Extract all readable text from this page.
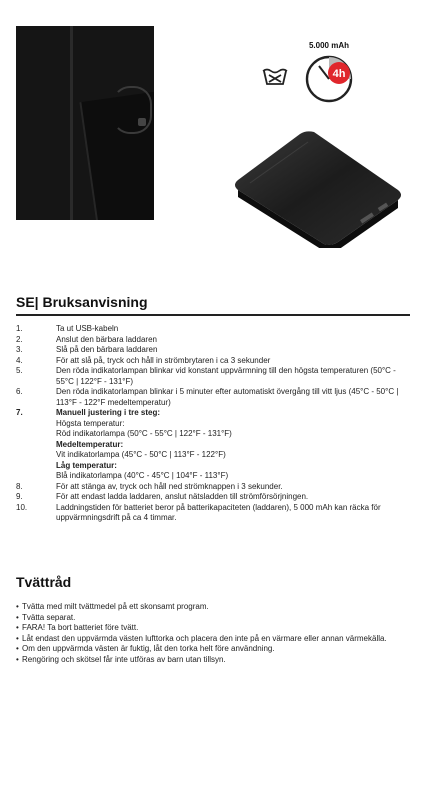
5.000 mAh
4h
SE| Bruksanvisning
1.	Ta ut USB-kabeln
2.	Anslut den bärbara laddaren
3.	Slå på den bärbara laddaren
4.	För att slå på, tryck och håll in strömbrytaren i ca 3 sekunder
5.	Den röda indikatorlampan blinkar vid konstant uppvärmning till den högsta temperaturen (50°C - 55°C | 122°F - 131°F)
6.	Den röda indikatorlampan blinkar i 5 minuter efter automatiskt övergång till vitt ljus (45°C - 50°C |
113°F - 122°F medeltemperatur)
7.	Manuell justering i tre steg:
Högsta temperatur:
Röd indikatorlampa (50°C - 55°C | 122°F - 131°F)
Medeltemperatur:
Vit indikatorlampa (45°C - 50°C | 113°F - 122°F)
Låg temperatur:
Blå indikatorlampa (40°C - 45°C | 104°F - 113°F)
8.	För att stänga av, tryck och håll ned strömknappen i 3 sekunder.
9.	För att endast ladda laddaren, anslut nätsladden till strömförsörjningen.
10.	Laddningstiden för batteriet beror på batterikapaciteten (laddaren), 5 000 mAh kan räcka för uppvärmningsdrift på ca 4 timmar.
Tvättråd
• Tvätta med milt tvättmedel på ett skonsamt program.
• Tvätta separat.
• FARA! Ta bort batteriet före tvätt.
• Låt endast den uppvärmda västen lufttorka och placera den inte på en värmare eller annan värmekälla.
• Om den uppvärmda västen är fuktig, låt den torka helt före användning.
• Rengöring och skötsel får inte utföras av barn utan tillsyn.
